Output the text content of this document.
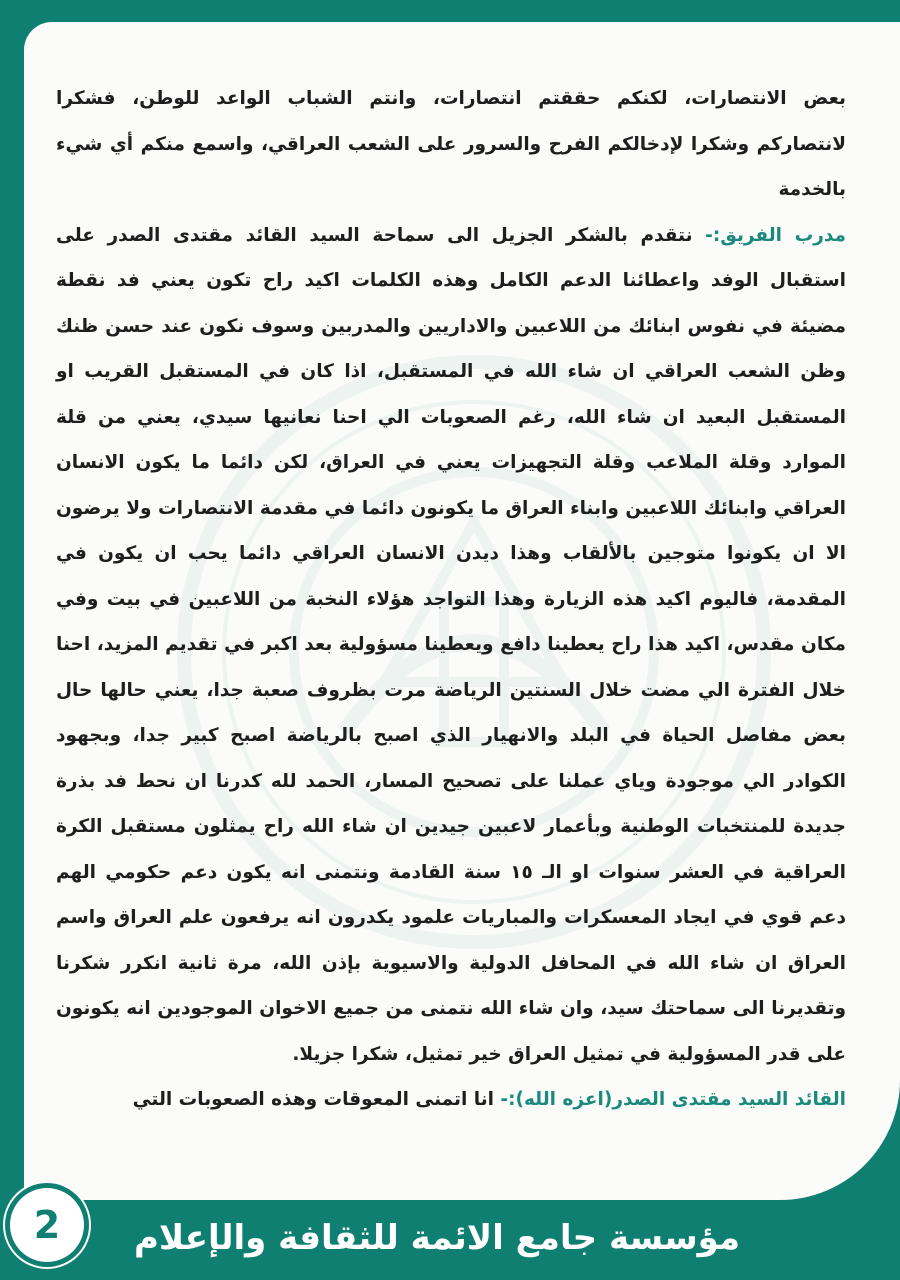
بعض الانتصارات، لكنكم حققتم انتصارات، وانتم الشباب الواعد للوطن، فشكرا لانتصاركم وشكرا لإدخالكم الفرح والسرور على الشعب العراقي، واسمع منكم أي شيء بالخدمة

مدرب الفريق:- نتقدم بالشكر الجزيل الى سماحة السيد القائد مقتدى الصدر على استقبال الوفد واعطائنا الدعم الكامل وهذه الكلمات اكيد راح تكون يعني فد نقطة مضيئة في نفوس ابنائك من اللاعبين والاداريين والمدربين وسوف نكون عند حسن ظنك وظن الشعب العراقي ان شاء الله في المستقبل، اذا كان في المستقبل القريب او المستقبل البعيد ان شاء الله، رغم الصعوبات الي احنا نعانيها سيدي، يعني من قلة الموارد وقلة الملاعب وقلة التجهيزات يعني في العراق، لكن دائما ما يكون الانسان العراقي وابنائك اللاعبين وابناء العراق ما يكونون دائما في مقدمة الانتصارات ولا يرضون الا ان يكونوا متوجين بالألقاب وهذا ديدن الانسان العراقي دائما يحب ان يكون في المقدمة، فاليوم اكيد هذه الزيارة وهذا التواجد هؤلاء النخبة من اللاعبين في بيت وفي مكان مقدس، اكيد هذا راح يعطينا دافع ويعطينا مسؤولية بعد اكبر في تقديم المزيد، احنا خلال الفترة الي مضت خلال السنتين الرياضة مرت بظروف صعبة جدا، يعني حالها حال بعض مفاصل الحياة في البلد والانهيار الذي اصبح بالرياضة اصبح كبير جدا، وبجهود الكوادر الي موجودة وياي عملنا على تصحيح المسار، الحمد لله كدرنا ان نحط فد بذرة جديدة للمنتخبات الوطنية وبأعمار لاعبين جيدين ان شاء الله راح يمثلون مستقبل الكرة العراقية في العشر سنوات او الـ ١٥ سنة القادمة ونتمنى انه يكون دعم حكومي الهم دعم قوي في ايجاد المعسكرات والمباريات علمود يكدرون انه يرفعون علم العراق واسم العراق ان شاء الله في المحافل الدولية والاسيوية بإذن الله، مرة ثانية انكرر شكرنا وتقديرنا الى سماحتك سيد، وان شاء الله نتمنى من جميع الاخوان الموجودين انه يكونون على قدر المسؤولية في تمثيل العراق خير تمثيل، شكرا جزيلا.

القائد السيد مقتدى الصدر(اعزه الله):- انا اتمنى المعوقات وهذه الصعوبات التي

مؤسسة جامع الائمة للثقافة والإعلام
2
